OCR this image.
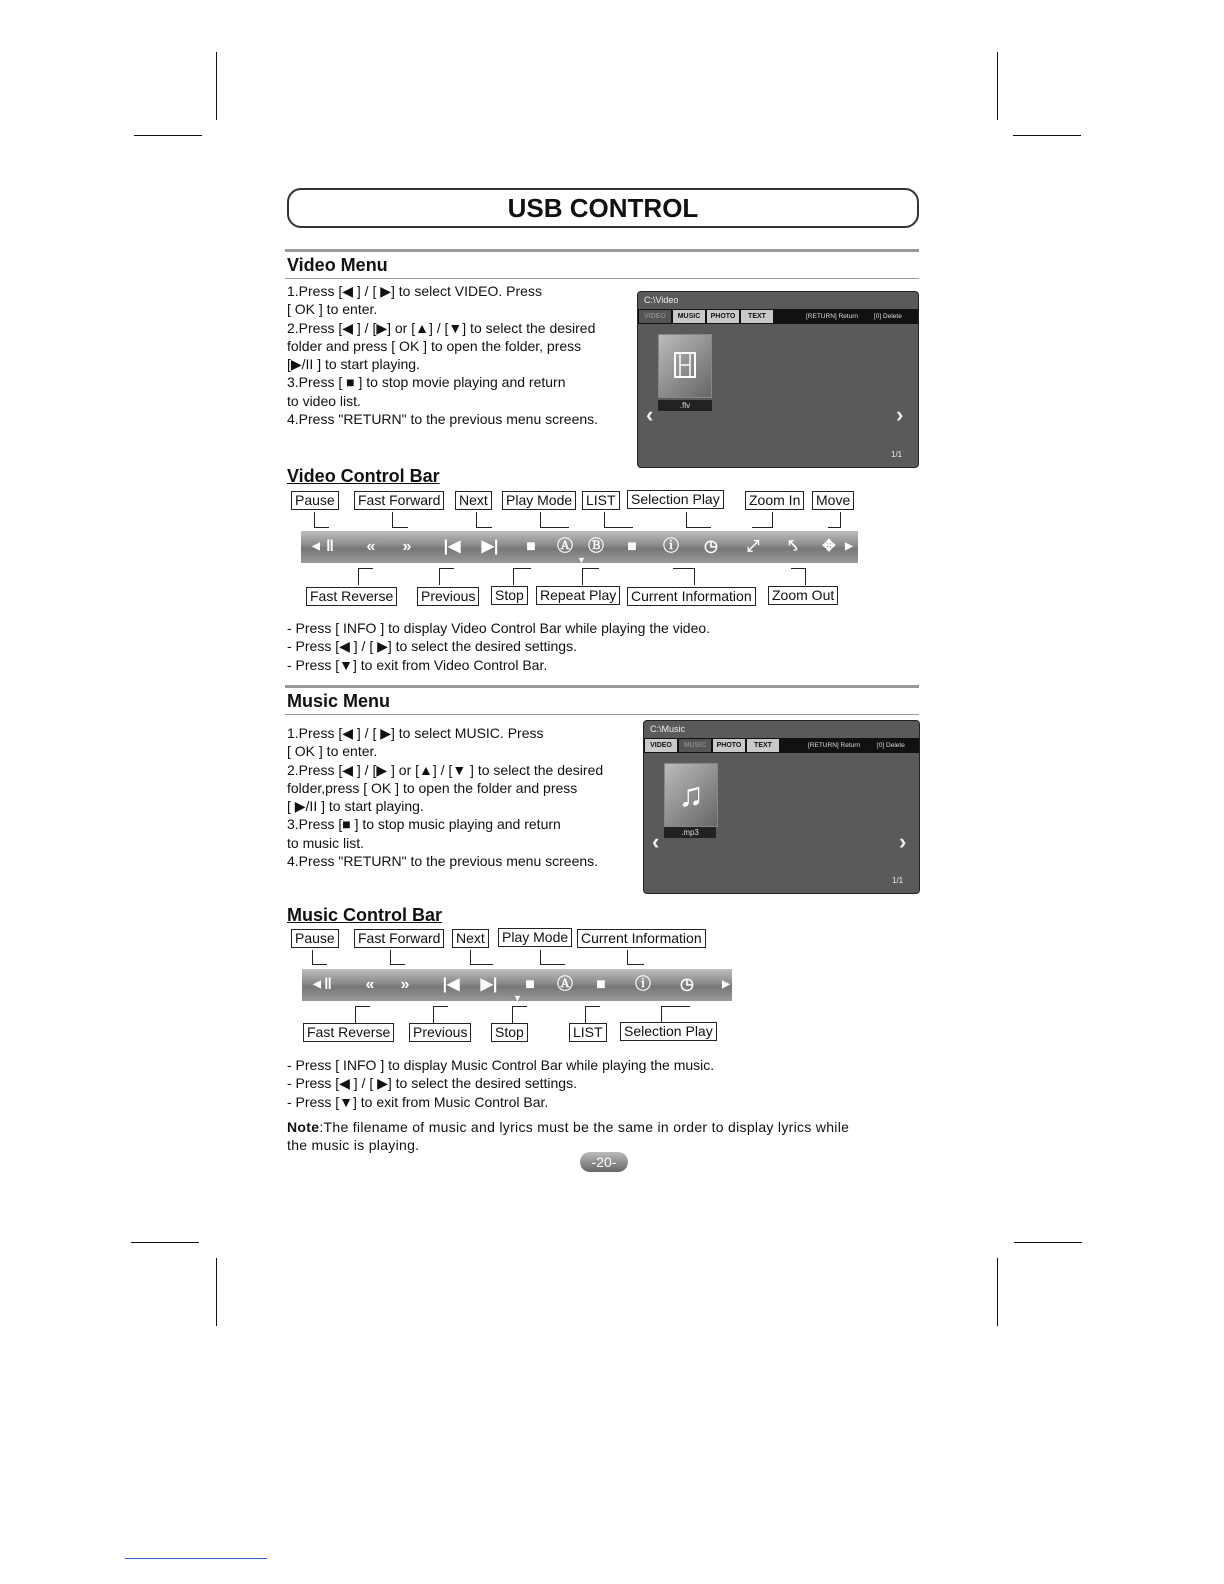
USB CONTROL
Video Menu
1.Press [◀ ] / [ ▶] to select VIDEO. Press
[ OK ] to enter.
2.Press [◀ ] / [▶] or [▲] / [▼] to select the desired
folder and press [ OK ] to open the folder, press
[▶/II ] to start playing.
3.Press [ ■ ] to stop movie playing and return
to video list.
4.Press "RETURN" to the previous menu screens.
C:\Video
VIDEO	MUSIC	PHOTO	TEXT	[RETURN] Return [0] Delete
.flv
‹	›
1/1
Video Control Bar
Pause Fast Forward Next Play Mode LIST Selection Play Zoom In Move
◀ ‖	«	»	|◀ ▶|	■	Ⓐ Ⓑ	■	ⓘ	◷	⤢	⤣	✥ ▶
▼
Fast Reverse Previous Stop Repeat Play Current Information Zoom Out
- Press [ INFO ] to display Video Control Bar while playing the video.
- Press [◀ ] / [ ▶] to select the desired settings.
- Press [▼] to exit from Video Control Bar.
Music Menu
1.Press [◀ ] / [ ▶] to select MUSIC. Press
[ OK ] to enter.
2.Press [◀ ] / [▶ ] or [▲] / [▼ ] to select the desired
folder,press [ OK ] to open the folder and press
[ ▶/II ] to start playing.
3.Press [■ ] to stop music playing and return
to music list.
4.Press "RETURN" to the previous menu screens.
C:\Music
VIDEO	MUSIC	PHOTO	TEXT	[RETURN] Return	[0] Delete
♫
.mp3
‹	›
1/1
Music Control Bar
Pause Fast Forward Next Play Mode Current Information
◀ ‖	«	»	|◀ ▶|	■	Ⓐ	■	ⓘ	◷	▶
▼
Fast Reverse Previous Stop	LIST Selection Play
- Press [ INFO ] to display Music Control Bar while playing the music.
- Press [◀ ] / [ ▶] to select the desired settings.
- Press [▼] to exit from Music Control Bar.
Note:The filename of music and lyrics must be the same in order to display lyrics while
the music is playing.
-20-
